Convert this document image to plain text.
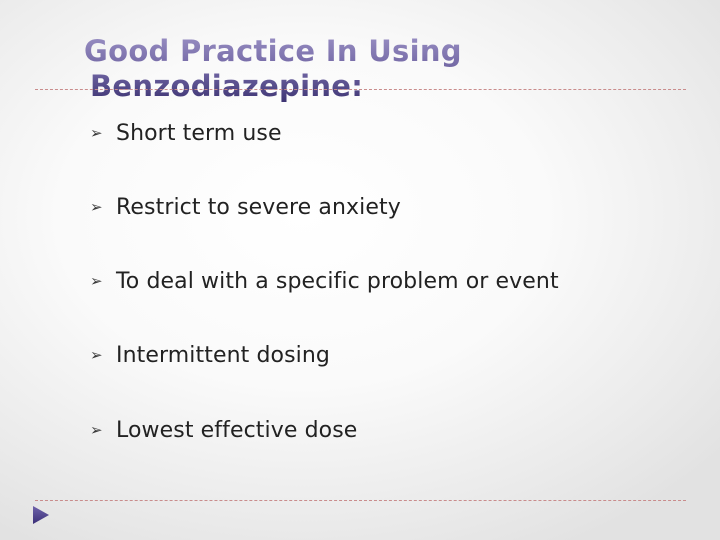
Good Practice In Using
Benzodiazepine:
➢ Short term use
➢ Restrict to severe anxiety
➢ To deal with a specific problem or event
➢ Intermittent dosing
➢ Lowest effective dose
